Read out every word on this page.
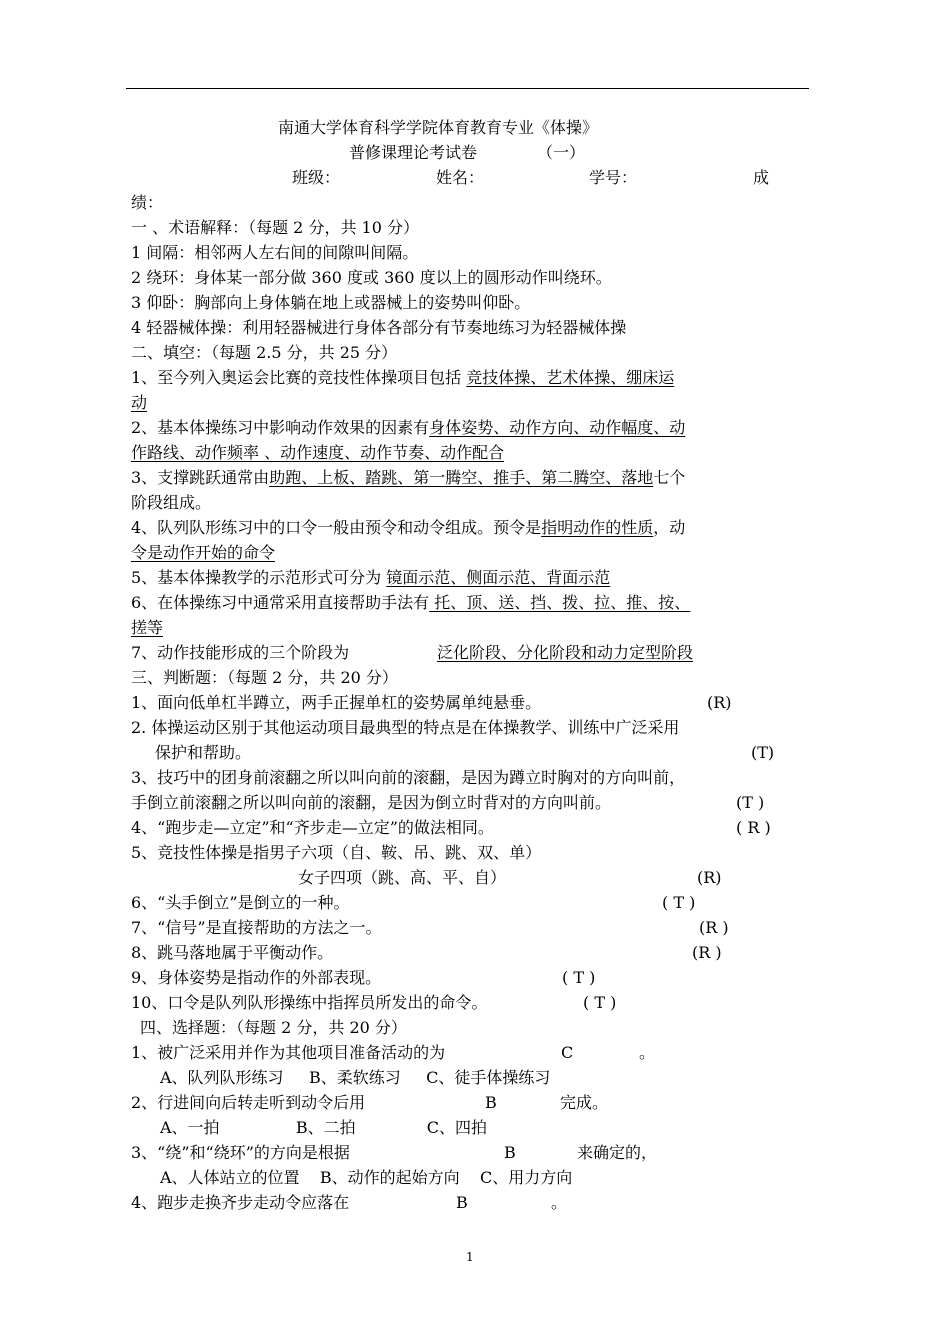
南通大学体育科学学院体育教育专业《体操》
普修课理论考试卷	（一）
班级：	姓名：	学号：	成
绩：
一 、术语解释：（每题 2 分，共 10 分）
1 间隔：相邻两人左右间的间隙叫间隔。
2 绕环：身体某一部分做 360 度或 360 度以上的圆形动作叫绕环。
3 仰卧：胸部向上身体躺在地上或器械上的姿势叫仰卧。
4 轻器械体操：利用轻器械进行身体各部分有节奏地练习为轻器械体操
二、填空：（每题 2.5 分，共 25 分）
1、至今列入奥运会比赛的竞技性体操项目包括 竞技体操、艺术体操、绷床运
动
2、基本体操练习中影响动作效果的因素有身体姿势、动作方向、动作幅度、动
作路线、动作频率 、动作速度、动作节奏、动作配合
3、支撑跳跃通常由助跑、上板、踏跳、第一腾空、推手、第二腾空、落地七个
阶段组成。
4、队列队形练习中的口令一般由预令和动令组成。预令是指明动作的性质，动
令是动作开始的命令
5、基本体操教学的示范形式可分为 镜面示范、侧面示范、背面示范
6、在体操练习中通常采用直接帮助手法有 托、顶、送、挡、拨、拉、推、按、
搓等
7、动作技能形成的三个阶段为	泛化阶段、分化阶段和动力定型阶段
三、判断题：（每题 2 分，共 20 分）
1、面向低单杠半蹲立，两手正握单杠的姿势属单纯悬垂。	(R)
2. 体操运动区别于其他运动项目最典型的特点是在体操教学、训练中广泛采用
保护和帮助。	(T)
3、技巧中的团身前滚翻之所以叫向前的滚翻，是因为蹲立时胸对的方向叫前，
手倒立前滚翻之所以叫向前的滚翻，是因为倒立时背对的方向叫前。	(T )
4、“跑步走—立定”和“齐步走—立定”的做法相同。	( R )
5、竞技性体操是指男子六项（自、鞍、吊、跳、双、单）
女子四项（跳、高、平、自）	(R)
6、“头手倒立”是倒立的一种。	( T )
7、“信号”是直接帮助的方法之一。	(R )
8、跳马落地属于平衡动作。	(R )
9、身体姿势是指动作的外部表现。	( T )
10、口令是队列队形操练中指挥员所发出的命令。	( T )
四、选择题：（每题 2 分，共 20 分）
1、被广泛采用并作为其他项目准备活动的为	C	。
A、队列队形练习     B、柔软练习     C、徒手体操练习
2、行进间向后转走听到动令后用	B	完成。
A、一拍               B、二拍              C、四拍
3、“绕”和“绕环”的方向是根据	B	来确定的，
A、人体站立的位置    B、动作的起始方向    C、用力方向
4、跑步走换齐步走动令应落在	B	。
1
